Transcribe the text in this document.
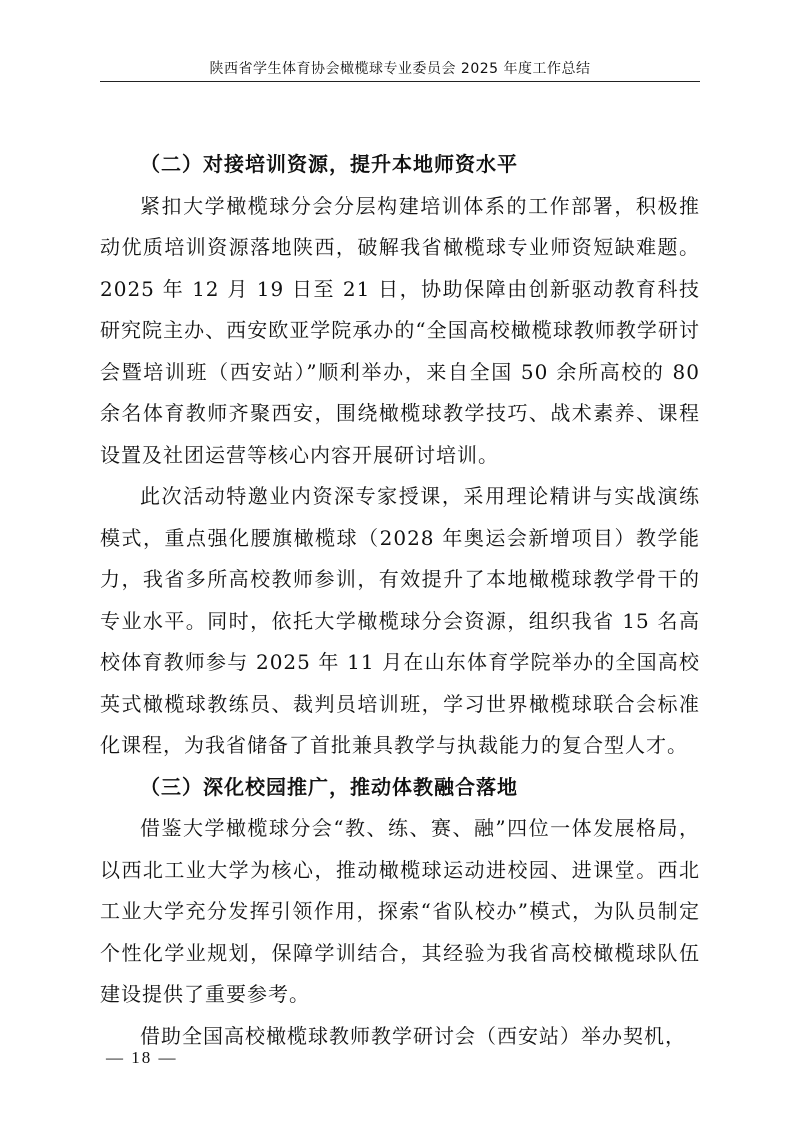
陕西省学生体育协会橄榄球专业委员会 2025 年度工作总结

（二）对接培训资源，提升本地师资水平

紧扣大学橄榄球分会分层构建培训体系的工作部署，积极推动优质培训资源落地陕西，破解我省橄榄球专业师资短缺难题。2025 年 12 月 19 日至 21 日，协助保障由创新驱动教育科技研究院主办、西安欧亚学院承办的“全国高校橄榄球教师教学研讨会暨培训班（西安站）”顺利举办，来自全国 50 余所高校的 80 余名体育教师齐聚西安，围绕橄榄球教学技巧、战术素养、课程设置及社团运营等核心内容开展研讨培训。

此次活动特邀业内资深专家授课，采用理论精讲与实战演练模式，重点强化腰旗橄榄球（2028 年奥运会新增项目）教学能力，我省多所高校教师参训，有效提升了本地橄榄球教学骨干的专业水平。同时，依托大学橄榄球分会资源，组织我省 15 名高校体育教师参与 2025 年 11 月在山东体育学院举办的全国高校英式橄榄球教练员、裁判员培训班，学习世界橄榄球联合会标准化课程，为我省储备了首批兼具教学与执裁能力的复合型人才。

（三）深化校园推广，推动体教融合落地

借鉴大学橄榄球分会“教、练、赛、融”四位一体发展格局，以西北工业大学为核心，推动橄榄球运动进校园、进课堂。西北工业大学充分发挥引领作用，探索“省队校办”模式，为队员制定个性化学业规划，保障学训结合，其经验为我省高校橄榄球队伍建设提供了重要参考。

借助全国高校橄榄球教师教学研讨会（西安站）举办契机，

— 18 —
